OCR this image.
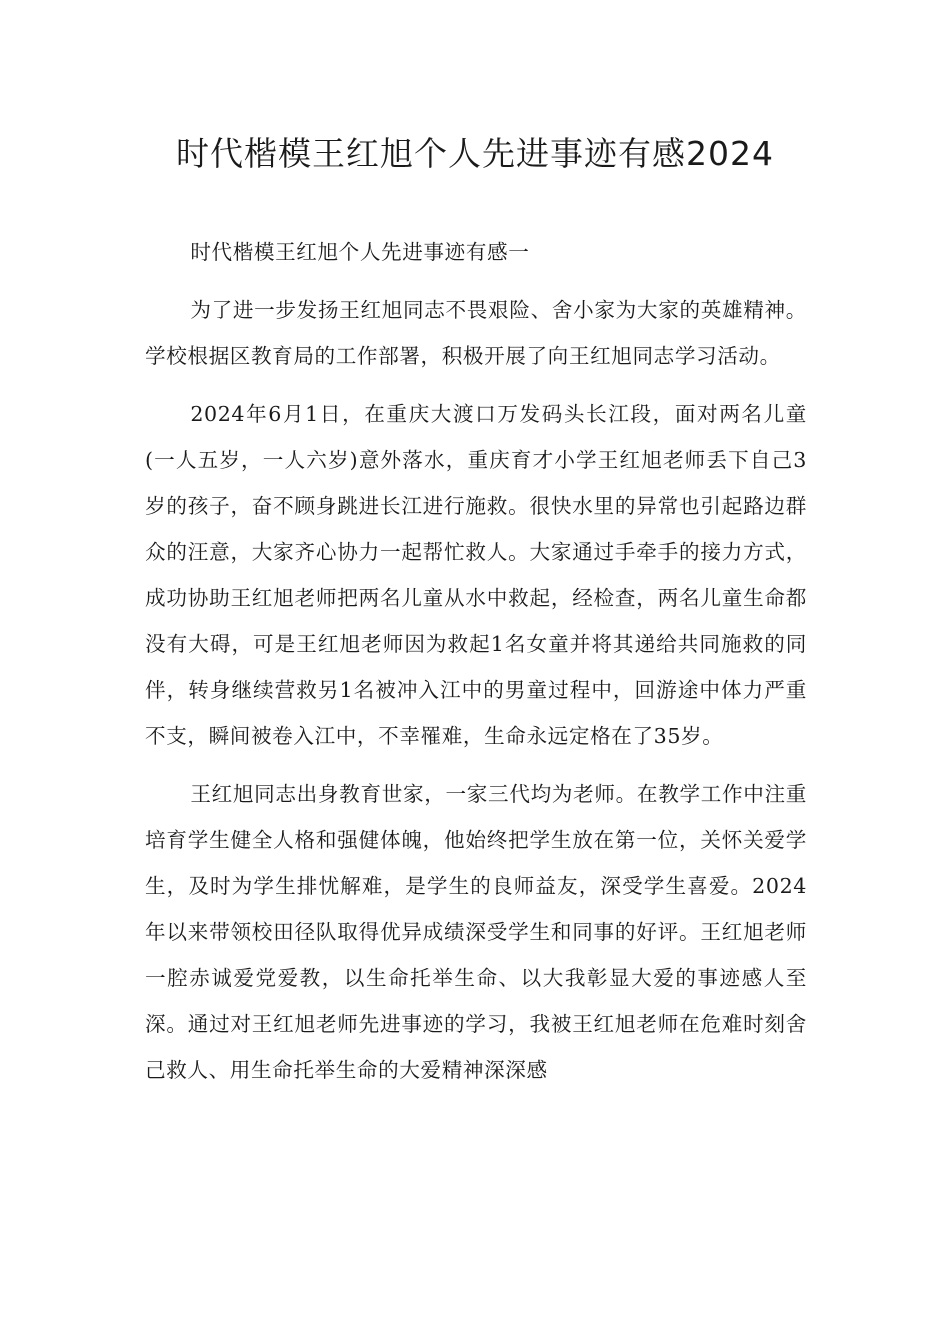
时代楷模王红旭个人先进事迹有感2024

时代楷模王红旭个人先进事迹有感一

为了进一步发扬王红旭同志不畏艰险、舍小家为大家的英雄精神。学校根据区教育局的工作部署，积极开展了向王红旭同志学习活动。

2024年6月1日，在重庆大渡口万发码头长江段，面对两名儿童(一人五岁，一人六岁)意外落水，重庆育才小学王红旭老师丢下自己3岁的孩子，奋不顾身跳进长江进行施救。很快水里的异常也引起路边群众的汪意，大家齐心协力一起帮忙救人。大家通过手牵手的接力方式，成功协助王红旭老师把两名儿童从水中救起，经检查，两名儿童生命都没有大碍，可是王红旭老师因为救起1名女童并将其递给共同施救的同伴，转身继续营救另1名被冲入江中的男童过程中，回游途中体力严重不支，瞬间被卷入江中，不幸罹难，生命永远定格在了35岁。

王红旭同志出身教育世家，一家三代均为老师。在教学工作中注重培育学生健全人格和强健体魄，他始终把学生放在第一位，关怀关爱学生，及时为学生排忧解难，是学生的良师益友，深受学生喜爱。2024年以来带领校田径队取得优异成绩深受学生和同事的好评。王红旭老师一腔赤诚爱党爱教，以生命托举生命、以大我彰显大爱的事迹感人至深。通过对王红旭老师先进事迹的学习，我被王红旭老师在危难时刻舍己救人、用生命托举生命的大爱精神深深感
